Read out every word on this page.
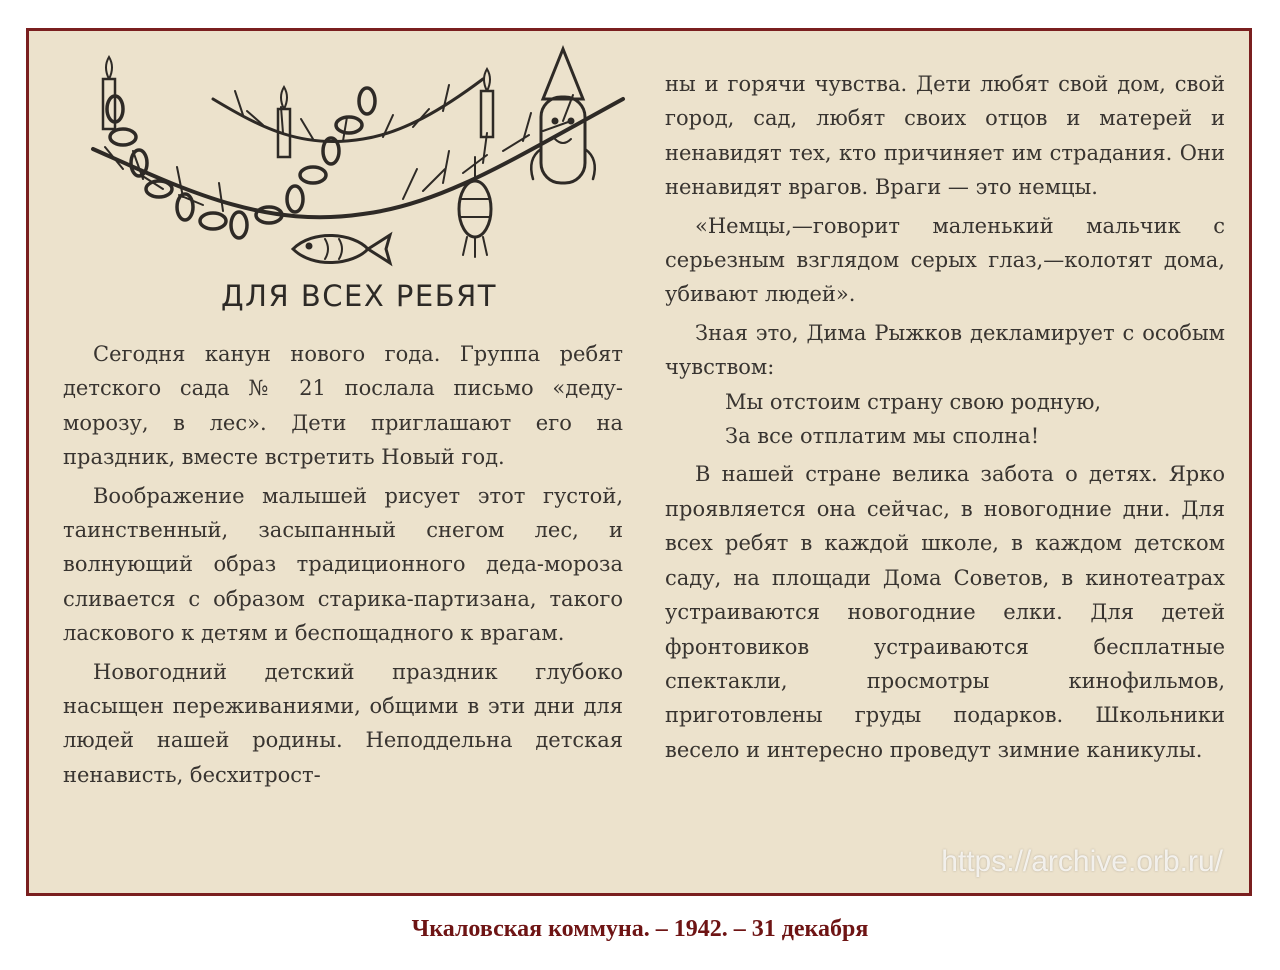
ДЛЯ ВСЕХ РЕБЯТ

Сегодня канун нового года. Группа ребят детского сада № 21 послала письмо «деду-морозу, в лес». Дети приглашают его на праздник, вместе встретить Новый год.

Воображение малышей рисует этот густой, таинственный, засыпанный снегом лес, и волнующий образ традиционного деда-мороза сливается с образом старика-партизана, такого ласкового к детям и беспощадного к врагам.

Новогодний детский праздник глубоко насыщен переживаниями, общими в эти дни для людей нашей родины. Неподдельна детская ненависть, бесхитрост-

ны и горячи чувства. Дети любят свой дом, свой город, сад, любят своих отцов и матерей и ненавидят тех, кто причиняет им страдания. Они ненавидят врагов. Враги — это немцы.

«Немцы,—говорит маленький мальчик с серьезным взглядом серых глаз,—колотят дома, убивают людей».

Зная это, Дима Рыжков декламирует с особым чувством:

Мы отстоим страну свою родную,

За все отплатим мы сполна!

В нашей стране велика забота о детях. Ярко проявляется она сейчас, в новогодние дни. Для всех ребят в каждой школе, в каждом детском саду, на площади Дома Советов, в кинотеатрах устраиваются новогодние елки. Для детей фронтовиков устраиваются бесплатные спектакли, просмотры кинофильмов, приготовлены груды подарков. Школьники весело и интересно проведут зимние каникулы.

https://archive.orb.ru/
Чкаловская коммуна. – 1942. – 31 декабря
